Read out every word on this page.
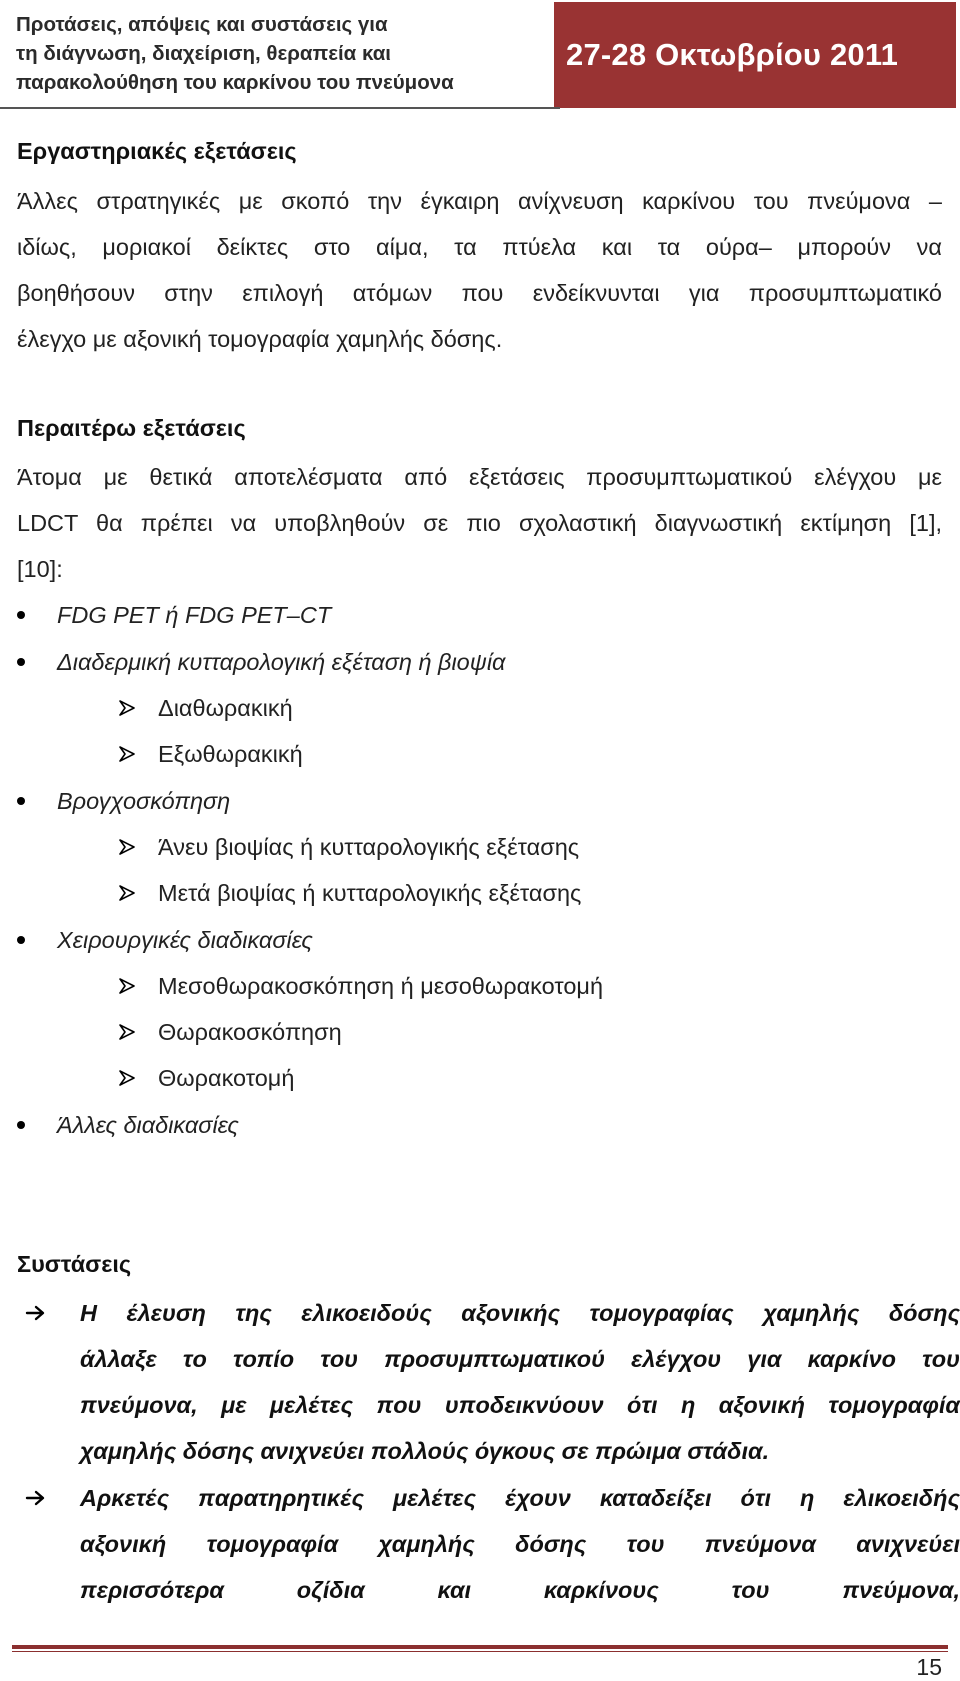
Προτάσεις, απόψεις και συστάσεις για
τη διάγνωση, διαχείριση, θεραπεία και
παρακολούθηση του καρκίνου του πνεύμονα
27-28 Οκτωβρίου 2011
Εργαστηριακές εξετάσεις
Άλλες στρατηγικές με σκοπό την έγκαιρη ανίχνευση καρκίνου του πνεύμονα –
ιδίως, μοριακοί δείκτες στο αίμα, τα πτύελα και τα ούρα– μπορούν να
βοηθήσουν στην επιλογή ατόμων που ενδείκνυνται για προσυμπτωματικό
έλεγχο με αξονική τομογραφία χαμηλής δόσης.
Περαιτέρω εξετάσεις
Άτομα με θετικά αποτελέσματα από εξετάσεις προσυμπτωματικού ελέγχου με
LDCT θα πρέπει να υποβληθούν σε πιο σχολαστική διαγνωστική εκτίμηση [1],
[10]:
FDG PET ή FDG PET–CT
Διαδερμική κυτταρολογική εξέταση ή βιοψία
Διαθωρακική
Εξωθωρακική
Βρογχοσκόπηση
Άνευ βιοψίας ή κυτταρολογικής εξέτασης
Μετά βιοψίας ή κυτταρολογικής εξέτασης
Χειρουργικές διαδικασίες
Μεσοθωρακοσκόπηση ή μεσοθωρακοτομή
Θωρακοσκόπηση
Θωρακοτομή
Άλλες διαδικασίες
Συστάσεις
Η έλευση της ελικοειδούς αξονικής τομογραφίας χαμηλής δόσης
άλλαξε το τοπίο του προσυμπτωματικού ελέγχου για καρκίνο του
πνεύμονα, με μελέτες που υποδεικνύουν ότι η αξονική τομογραφία
χαμηλής δόσης ανιχνεύει πολλούς όγκους σε πρώιμα στάδια.
Αρκετές παρατηρητικές μελέτες έχουν καταδείξει ότι η ελικοειδής
αξονική τομογραφία χαμηλής δόσης του πνεύμονα ανιχνεύει
περισσότερα οζίδια και καρκίνους του πνεύμονα,
15
